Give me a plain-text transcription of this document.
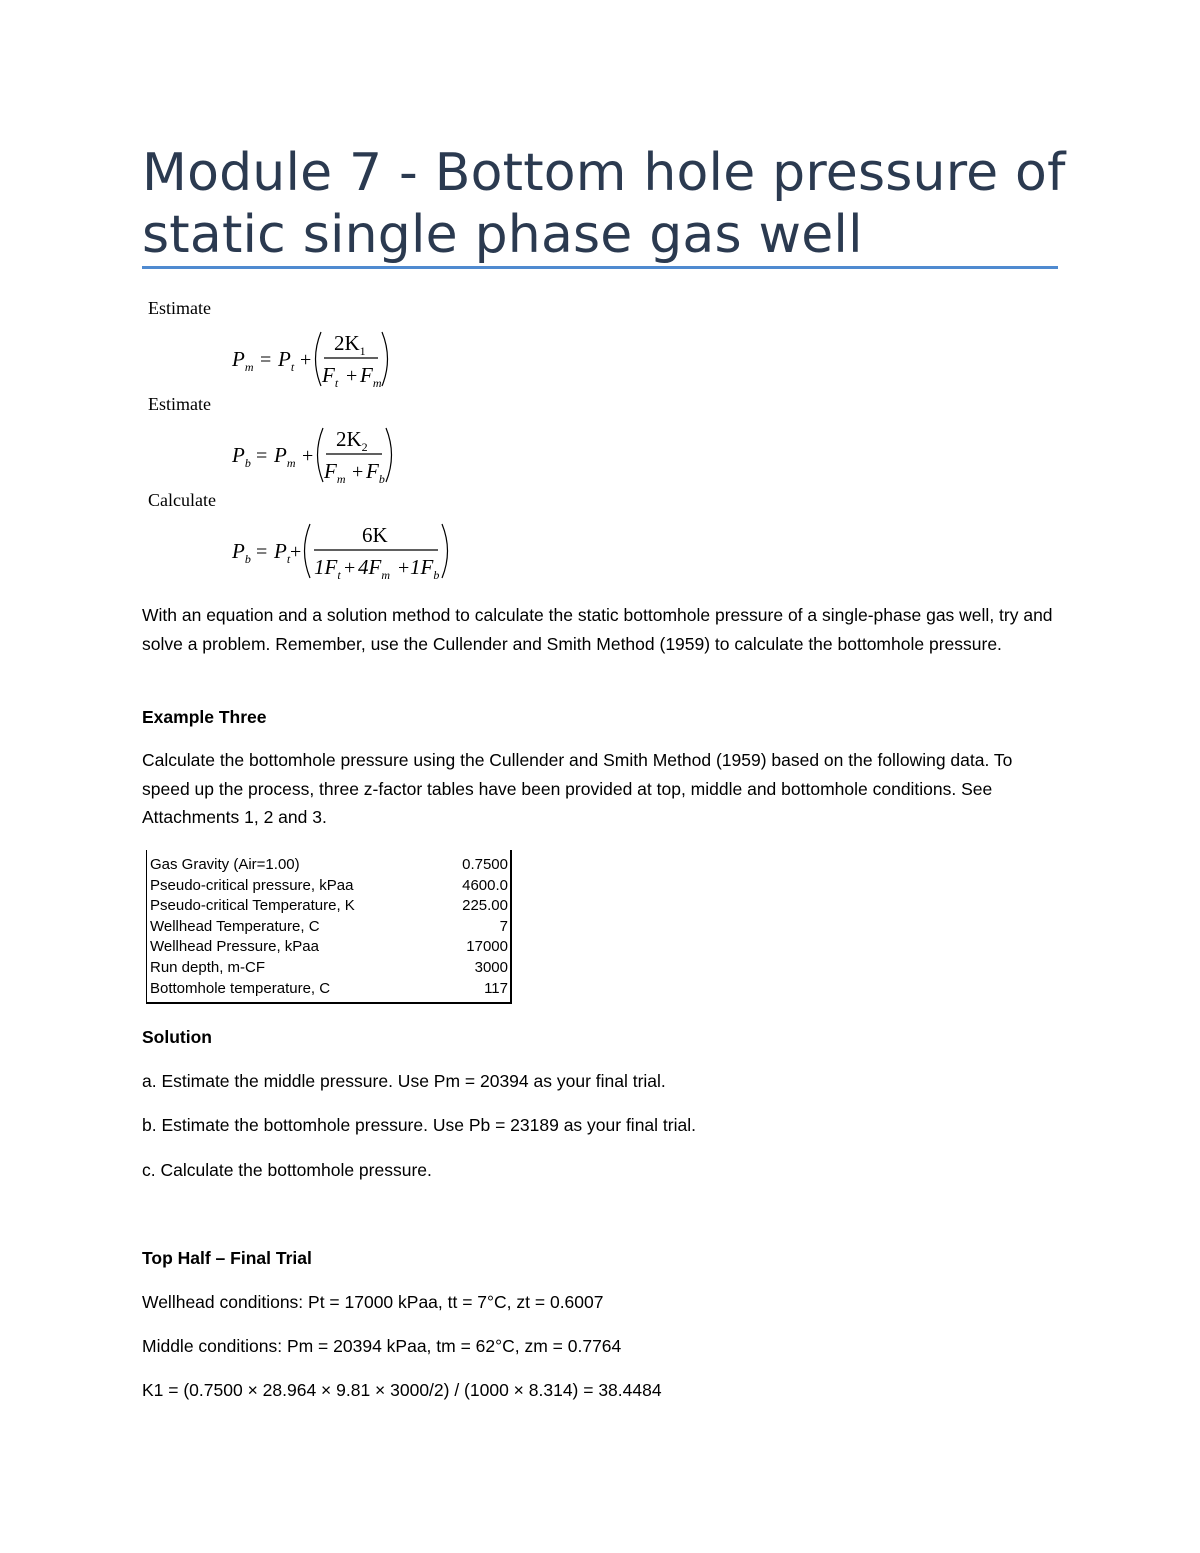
Module 7 - Bottom hole pressure of static single phase gas well
Estimate
$P_m = P_t$ +
$2K_1$
$F_t + F_m$
Estimate
$P_b = P_m$ +
$2K_2$
$F_m + F_b$
Calculate
$P_b = P_t$ +
6K
$1F_t + 4F_m + 1F_b$

With an equation and a solution method to calculate the static bottomhole pressure of a single-phase gas well, try and solve a problem. Remember, use the Cullender and Smith Method (1959) to calculate the bottomhole pressure.

Example Three

Calculate the bottomhole pressure using the Cullender and Smith Method (1959) based on the following data. To speed up the process, three z-factor tables have been provided at top, middle and bottomhole conditions. See Attachments 1, 2 and 3.

Gas Gravity (Air=1.00)	0.7500
Pseudo-critical pressure, kPaa	4600.0
Pseudo-critical Temperature, K	225.00
Wellhead Temperature, C	7
Wellhead Pressure, kPaa	17000
Run depth, m-CF	3000
Bottomhole temperature, C	117

Solution

a. Estimate the middle pressure. Use Pm = 20394 as your final trial.

b. Estimate the bottomhole pressure. Use Pb = 23189 as your final trial.

c. Calculate the bottomhole pressure.

Top Half – Final Trial

Wellhead conditions: Pt = 17000 kPaa, tt = 7°C, zt = 0.6007

Middle conditions: Pm = 20394 kPaa, tm = 62°C, zm = 0.7764

K1 = (0.7500 × 28.964 × 9.81 × 3000/2) / (1000 × 8.314) = 38.4484
